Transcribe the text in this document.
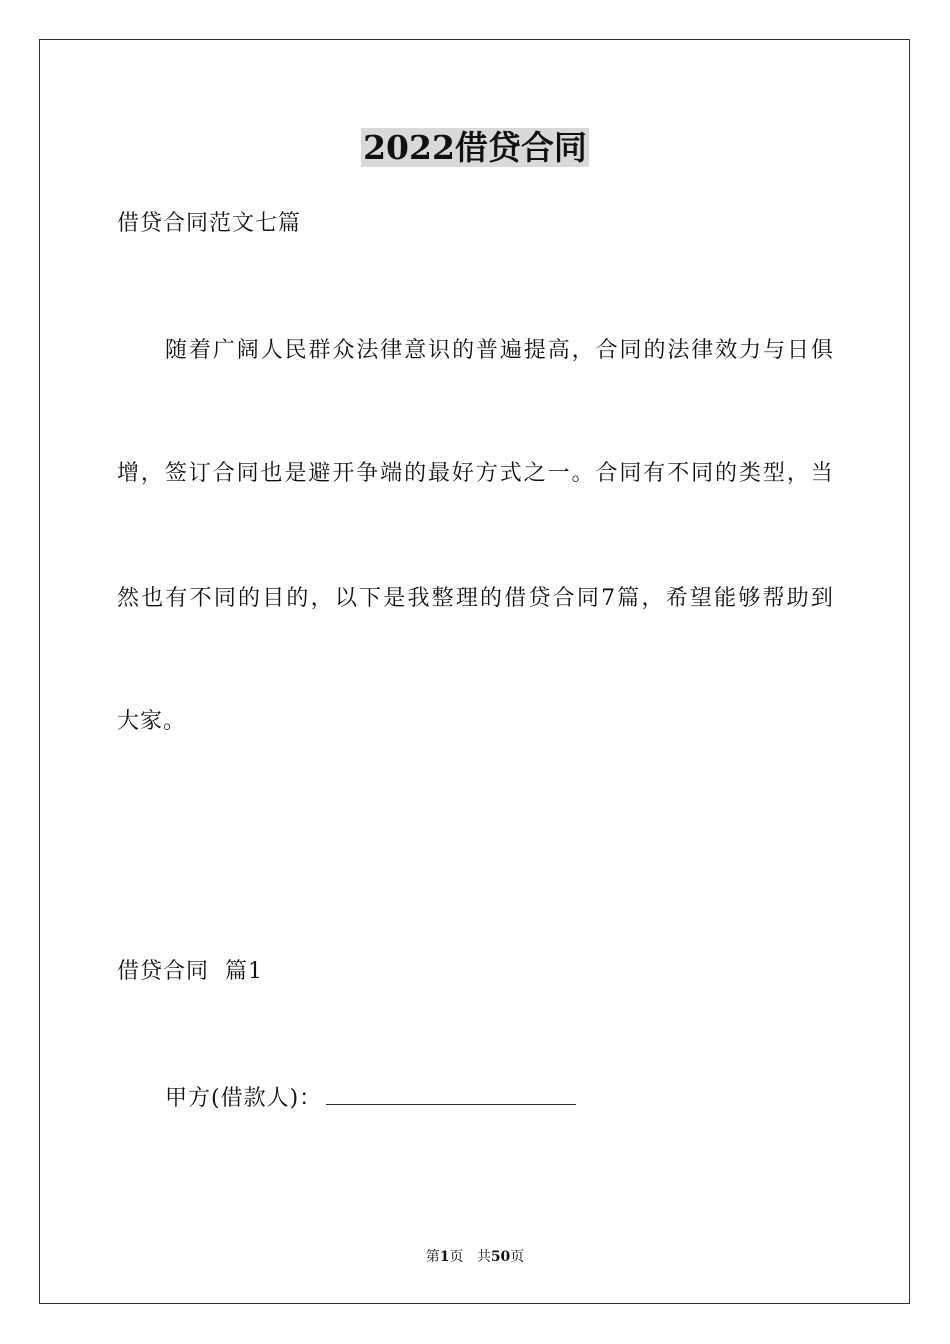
2022借贷合同
借贷合同范文七篇
随 着 广 阔 人 民 群 众 法 律 意 识 的 普 遍 提 高 ， 合 同 的 法 律 效 力 与 日 俱
增 ， 签 订 合 同 也 是 避 开 争 端 的 最 好 方 式 之 一 。 合 同 有 不 同 的 类 型 ， 当
然 也 有 不 同 的 目 的 ， 以 下 是 我 整 理 的 借 贷 合 同 7 篇 ， 希 望 能 够 帮 助 到
大家。
借贷合同  篇1
甲方(借款人)：
第1页 共50页
